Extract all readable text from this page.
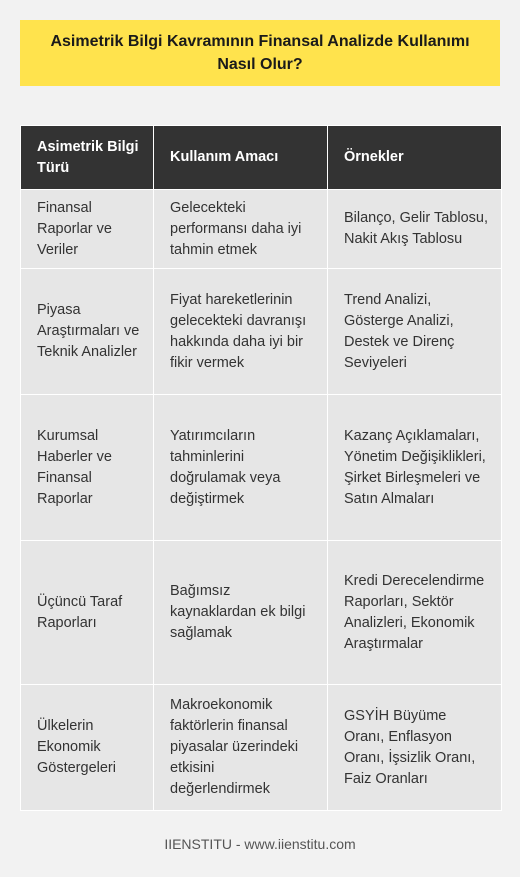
Asimetrik Bilgi Kavramının Finansal Analizde Kullanımı Nasıl Olur?
Asimetrik Bilgi Türü	Kullanım Amacı	Örnekler
Finansal Raporlar ve Veriler	Gelecekteki performansı daha iyi tahmin etmek	Bilanço, Gelir Tablosu, Nakit Akış Tablosu
Piyasa Araştırmaları ve Teknik Analizler	Fiyat hareketlerinin gelecekteki davranışı hakkında daha iyi bir fikir vermek	Trend Analizi, Gösterge Analizi, Destek ve Direnç Seviyeleri
Kurumsal Haberler ve Finansal Raporlar	Yatırımcıların tahminlerini doğrulamak veya değiştirmek	Kazanç Açıklamaları, Yönetim Değişiklikleri, Şirket Birleşmeleri ve Satın Almaları
Üçüncü Taraf Raporları	Bağımsız kaynaklardan ek bilgi sağlamak	Kredi Derecelendirme Raporları, Sektör Analizleri, Ekonomik Araştırmalar
Ülkelerin Ekonomik Göstergeleri	Makroekonomik faktörlerin finansal piyasalar üzerindeki etkisini değerlendirmek	GSYİH Büyüme Oranı, Enflasyon Oranı, İşsizlik Oranı, Faiz Oranları
IIENSTITU - www.iienstitu.com
